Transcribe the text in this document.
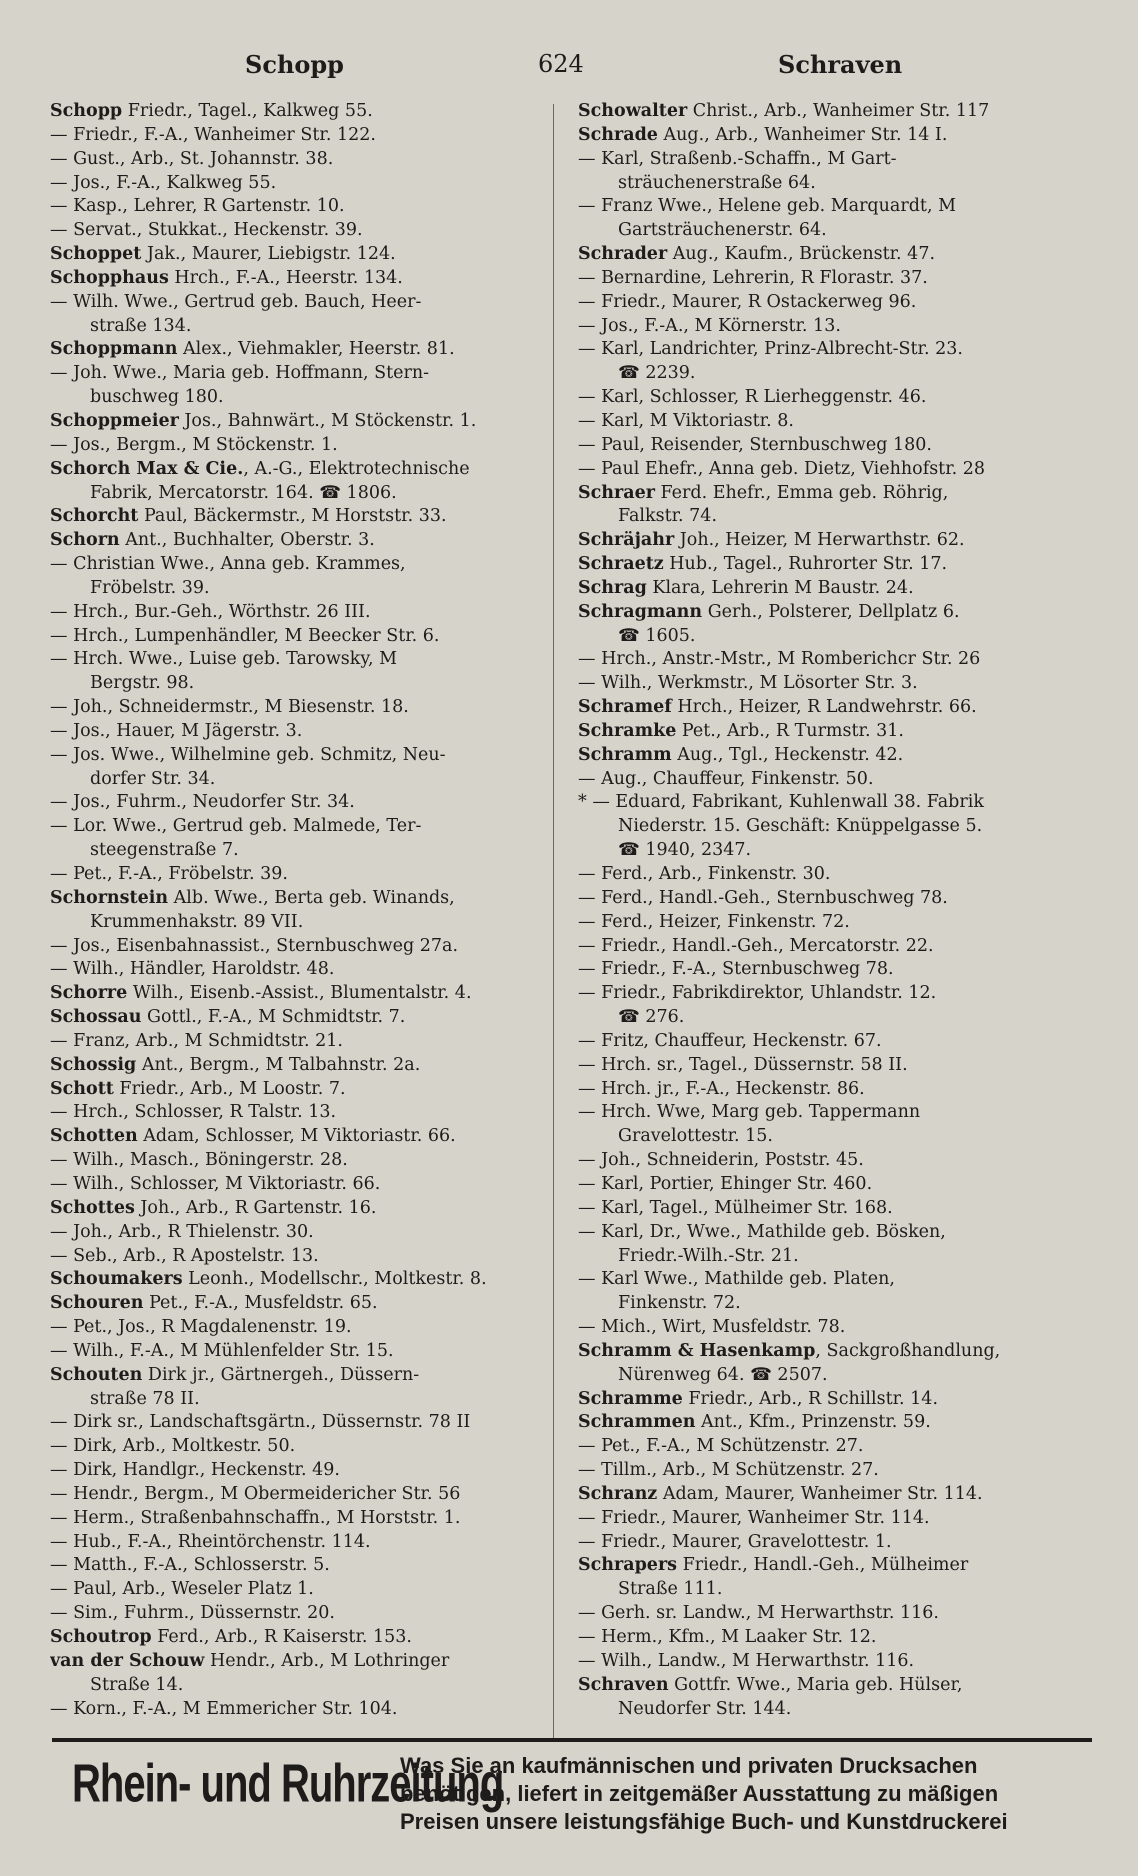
Schopp	624	Schraven
Schopp Friedr., Tagel., Kalkweg 55.
— Friedr., F.-A., Wanheimer Str. 122.
— Gust., Arb., St. Johannstr. 38.
— Jos., F.-A., Kalkweg 55.
— Kasp., Lehrer, R Gartenstr. 10.
— Servat., Stukkat., Heckenstr. 39.
Schoppet Jak., Maurer, Liebigstr. 124.
Schopphaus Hrch., F.-A., Heerstr. 134.
— Wilh. Wwe., Gertrud geb. Bauch, Heer-
straße 134.
Schoppmann Alex., Viehmakler, Heerstr. 81.
— Joh. Wwe., Maria geb. Hoffmann, Stern-
buschweg 180.
Schoppmeier Jos., Bahnwärt., M Stöckenstr. 1.
— Jos., Bergm., M Stöckenstr. 1.
Schorch Max & Cie., A.-G., Elektrotechnische
Fabrik, Mercatorstr. 164. ☎ 1806.
Schorcht Paul, Bäckermstr., M Horststr. 33.
Schorn Ant., Buchhalter, Oberstr. 3.
— Christian Wwe., Anna geb. Krammes,
Fröbelstr. 39.
— Hrch., Bur.-Geh., Wörthstr. 26 III.
— Hrch., Lumpenhändler, M Beecker Str. 6.
— Hrch. Wwe., Luise geb. Tarowsky, M
Bergstr. 98.
— Joh., Schneidermstr., M Biesenstr. 18.
— Jos., Hauer, M Jägerstr. 3.
— Jos. Wwe., Wilhelmine geb. Schmitz, Neu-
dorfer Str. 34.
— Jos., Fuhrm., Neudorfer Str. 34.
— Lor. Wwe., Gertrud geb. Malmede, Ter-
steegenstraße 7.
— Pet., F.-A., Fröbelstr. 39.
Schornstein Alb. Wwe., Berta geb. Winands,
Krummenhakstr. 89 VII.
— Jos., Eisenbahnassist., Sternbuschweg 27a.
— Wilh., Händler, Haroldstr. 48.
Schorre Wilh., Eisenb.-Assist., Blumentalstr. 4.
Schossau Gottl., F.-A., M Schmidtstr. 7.
— Franz, Arb., M Schmidtstr. 21.
Schossig Ant., Bergm., M Talbahnstr. 2a.
Schott Friedr., Arb., M Loostr. 7.
— Hrch., Schlosser, R Talstr. 13.
Schotten Adam, Schlosser, M Viktoriastr. 66.
— Wilh., Masch., Böningerstr. 28.
— Wilh., Schlosser, M Viktoriastr. 66.
Schottes Joh., Arb., R Gartenstr. 16.
— Joh., Arb., R Thielenstr. 30.
— Seb., Arb., R Apostelstr. 13.
Schoumakers Leonh., Modellschr., Moltkestr. 8.
Schouren Pet., F.-A., Musfeldstr. 65.
— Pet., Jos., R Magdalenenstr. 19.
— Wilh., F.-A., M Mühlenfelder Str. 15.
Schouten Dirk jr., Gärtnergeh., Düssern-
straße 78 II.
— Dirk sr., Landschaftsgärtn., Düssernstr. 78 II
— Dirk, Arb., Moltkestr. 50.
— Dirk, Handlgr., Heckenstr. 49.
— Hendr., Bergm., M Obermeidericher Str. 56
— Herm., Straßenbahnschaffn., M Horststr. 1.
— Hub., F.-A., Rheintörchenstr. 114.
— Matth., F.-A., Schlosserstr. 5.
— Paul, Arb., Weseler Platz 1.
— Sim., Fuhrm., Düssernstr. 20.
Schoutrop Ferd., Arb., R Kaiserstr. 153.
van der Schouw Hendr., Arb., M Lothringer
Straße 14.
— Korn., F.-A., M Emmericher Str. 104.
Schowalter Christ., Arb., Wanheimer Str. 117
Schrade Aug., Arb., Wanheimer Str. 14 I.
— Karl, Straßenb.-Schaffn., M Gart-
sträuchenerstraße 64.
— Franz Wwe., Helene geb. Marquardt, M
Gartsträuchenerstr. 64.
Schrader Aug., Kaufm., Brückenstr. 47.
— Bernardine, Lehrerin, R Florastr. 37.
— Friedr., Maurer, R Ostackerweg 96.
— Jos., F.-A., M Körnerstr. 13.
— Karl, Landrichter, Prinz-Albrecht-Str. 23.
☎ 2239.
— Karl, Schlosser, R Lierheggenstr. 46.
— Karl, M Viktoriastr. 8.
— Paul, Reisender, Sternbuschweg 180.
— Paul Ehefr., Anna geb. Dietz, Viehhofstr. 28
Schraer Ferd. Ehefr., Emma geb. Röhrig,
Falkstr. 74.
Schräjahr Joh., Heizer, M Herwarthstr. 62.
Schraetz Hub., Tagel., Ruhrorter Str. 17.
Schrag Klara, Lehrerin M Baustr. 24.
Schragmann Gerh., Polsterer, Dellplatz 6.
☎ 1605.
— Hrch., Anstr.-Mstr., M Romberichcr Str. 26
— Wilh., Werkmstr., M Lösorter Str. 3.
Schramef Hrch., Heizer, R Landwehrstr. 66.
Schramke Pet., Arb., R Turmstr. 31.
Schramm Aug., Tgl., Heckenstr. 42.
— Aug., Chauffeur, Finkenstr. 50.
* — Eduard, Fabrikant, Kuhlenwall 38. Fabrik
Niederstr. 15. Geschäft: Knüppelgasse 5.
☎ 1940, 2347.
— Ferd., Arb., Finkenstr. 30.
— Ferd., Handl.-Geh., Sternbuschweg 78.
— Ferd., Heizer, Finkenstr. 72.
— Friedr., Handl.-Geh., Mercatorstr. 22.
— Friedr., F.-A., Sternbuschweg 78.
— Friedr., Fabrikdirektor, Uhlandstr. 12.
☎ 276.
— Fritz, Chauffeur, Heckenstr. 67.
— Hrch. sr., Tagel., Düssernstr. 58 II.
— Hrch. jr., F.-A., Heckenstr. 86.
— Hrch. Wwe, Marg geb. Tappermann
Gravelottestr. 15.
— Joh., Schneiderin, Poststr. 45.
— Karl, Portier, Ehinger Str. 460.
— Karl, Tagel., Mülheimer Str. 168.
— Karl, Dr., Wwe., Mathilde geb. Bösken,
Friedr.-Wilh.-Str. 21.
— Karl Wwe., Mathilde geb. Platen,
Finkenstr. 72.
— Mich., Wirt, Musfeldstr. 78.
Schramm & Hasenkamp, Sackgroßhandlung,
Nürenweg 64. ☎ 2507.
Schramme Friedr., Arb., R Schillstr. 14.
Schrammen Ant., Kfm., Prinzenstr. 59.
— Pet., F.-A., M Schützenstr. 27.
— Tillm., Arb., M Schützenstr. 27.
Schranz Adam, Maurer, Wanheimer Str. 114.
— Friedr., Maurer, Wanheimer Str. 114.
— Friedr., Maurer, Gravelottestr. 1.
Schrapers Friedr., Handl.-Geh., Mülheimer
Straße 111.
— Gerh. sr. Landw., M Herwarthstr. 116.
— Herm., Kfm., M Laaker Str. 12.
— Wilh., Landw., M Herwarthstr. 116.
Schraven Gottfr. Wwe., Maria geb. Hülser,
Neudorfer Str. 144.
Rhein- und Ruhrzeitung
Was Sie an kaufmännischen und privaten Drucksachen
benötigen, liefert in zeitgemäßer Ausstattung zu mäßigen
Preisen unsere leistungsfähige Buch- und Kunstdruckerei
